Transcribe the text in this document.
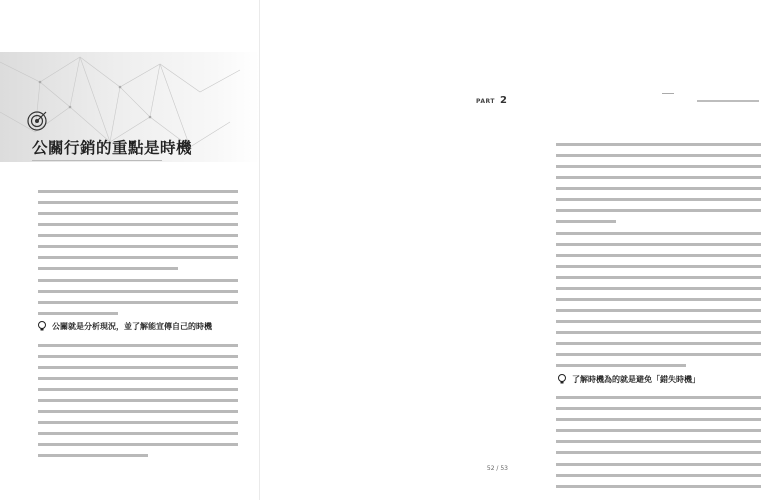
公關行銷的重點是時機
公關就是分析現況，並了解能宣傳自己的時機
PART 2
了解時機為的就是避免「錯失時機」
52 / 53
